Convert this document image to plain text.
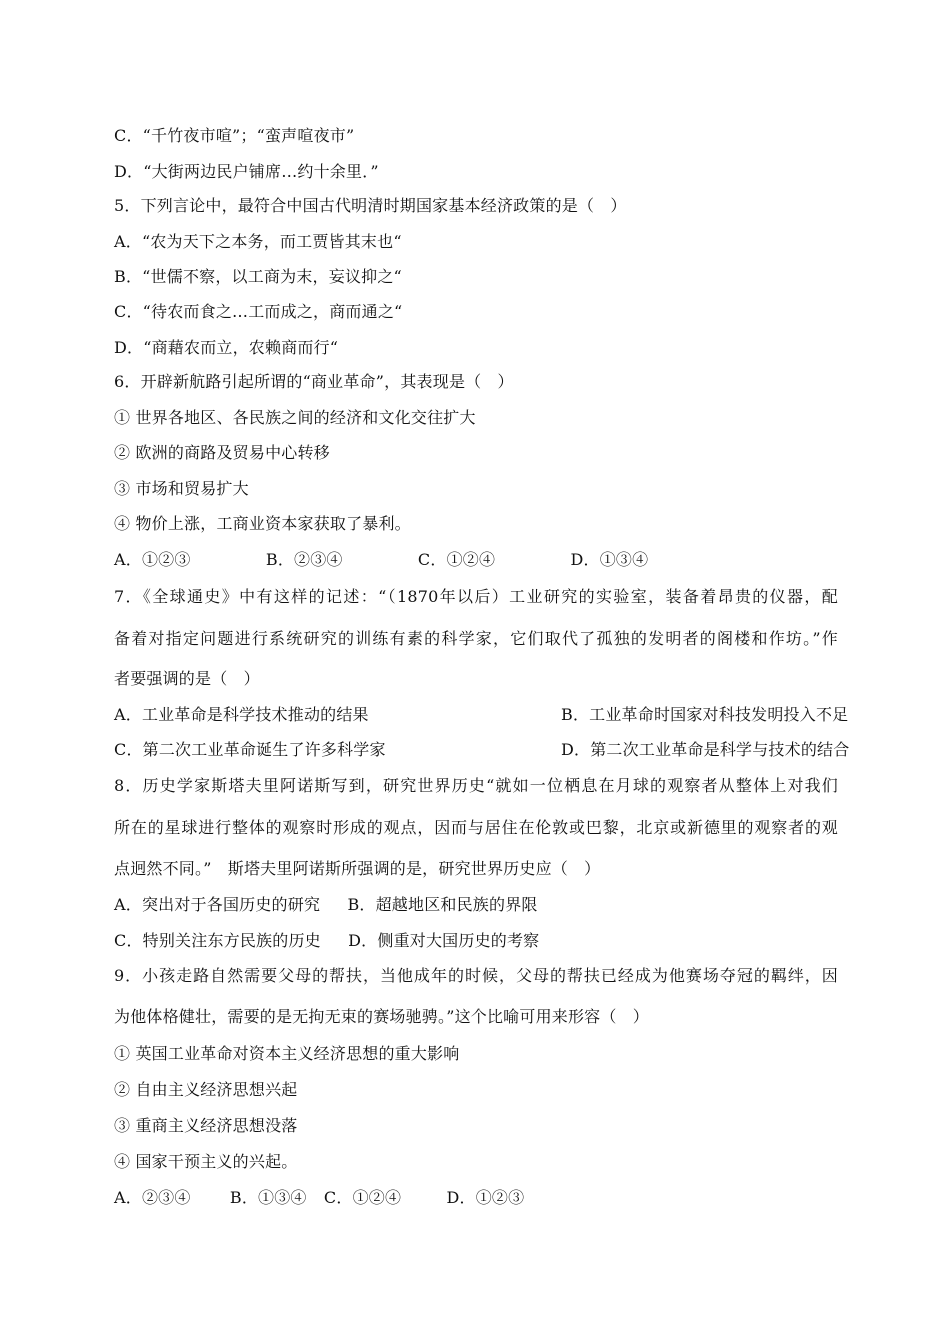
C．“千竹夜市喧”；“蛮声喧夜市”
D．“大街两边民户铺席…约十余里．”
5．下列言论中，最符合中国古代明清时期国家基本经济政策的是（　）
A．“农为天下之本务，而工贾皆其末也“
B．“世儒不察，以工商为末，妄议抑之“
C．“待农而食之…工而成之，商而通之“
D．“商藉农而立，农赖商而行“
6．开辟新航路引起所谓的“商业革命”，其表现是（　）
① 世界各地区、各民族之间的经济和文化交往扩大
② 欧洲的商路及贸易中心转移
③ 市场和贸易扩大
④ 物价上涨，工商业资本家获取了暴利。
A．①②③	B．②③④	C．①②④	D．①③④
7．《全球通史》中有这样的记述：“（1870年以后）工业研究的实验室，装备着昂贵的仪器，配
备着对指定问题进行系统研究的训练有素的科学家，它们取代了孤独的发明者的阁楼和作坊。”作
者要强调的是（　）
A．工业革命是科学技术推动的结果	B．工业革命时国家对科技发明投入不足
C．第二次工业革命诞生了许多科学家	D．第二次工业革命是科学与技术的结合
8．历史学家斯塔夫里阿诺斯写到，研究世界历史“就如一位栖息在月球的观察者从整体上对我们
所在的星球进行整体的观察时形成的观点，因而与居住在伦敦或巴黎，北京或新德里的观察者的观
点迥然不同。”　斯塔夫里阿诺斯所强调的是，研究世界历史应（　）
A．突出对于各国历史的研究 B．超越地区和民族的界限
C．特别关注东方民族的历史 D．侧重对大国历史的考察
9．小孩走路自然需要父母的帮扶，当他成年的时候，父母的帮扶已经成为他赛场夺冠的羁绊，因
为他体格健壮，需要的是无拘无束的赛场驰骋。”这个比喻可用来形容（　）
① 英国工业革命对资本主义经济思想的重大影响
② 自由主义经济思想兴起
③ 重商主义经济思想没落
④ 国家干预主义的兴起。
A．②③④ B．①③④ C．①②④	D．①②③
